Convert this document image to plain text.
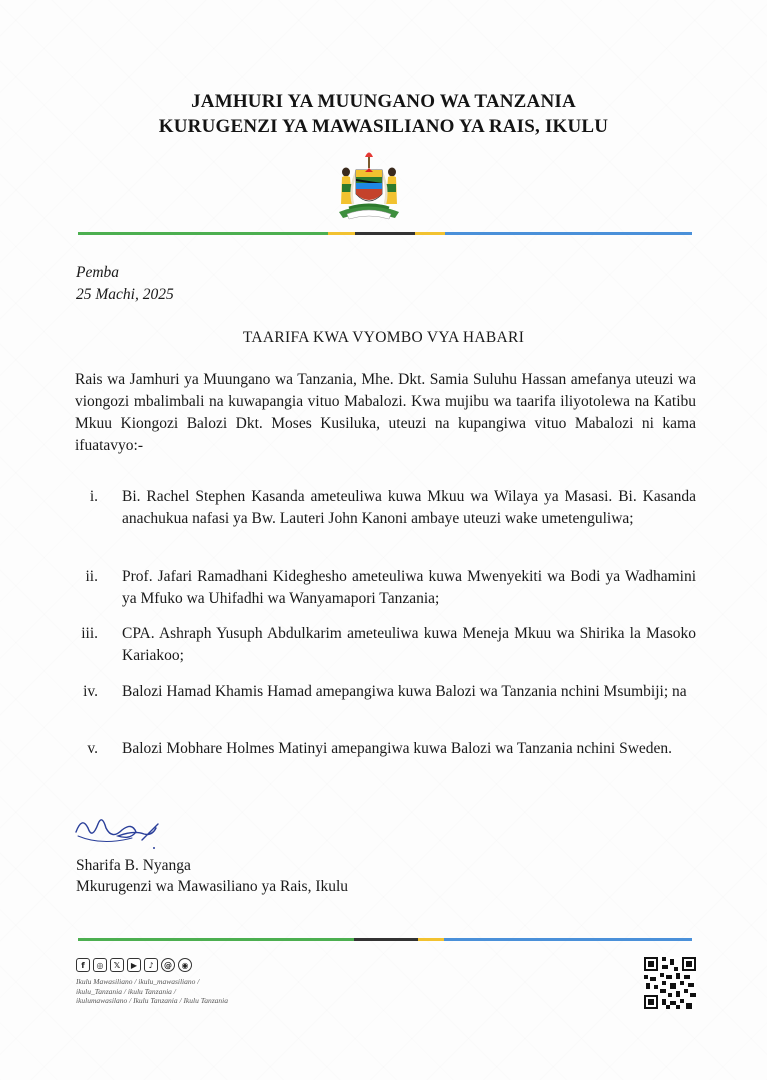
JAMHURI YA MUUNGANO WA TANZANIA
KURUGENZI YA MAWASILIANO YA RAIS, IKULU
Pemba
25 Machi, 2025
TAARIFA KWA VYOMBO VYA HABARI
Rais wa Jamhuri ya Muungano wa Tanzania, Mhe. Dkt. Samia Suluhu Hassan amefanya uteuzi wa viongozi mbalimbali na kuwapangia vituo Mabalozi. Kwa mujibu wa taarifa iliyotolewa na Katibu Mkuu Kiongozi Balozi Dkt. Moses Kusiluka, uteuzi na kupangiwa vituo Mabalozi ni kama ifuatavyo:-
i. Bi. Rachel Stephen Kasanda ameteuliwa kuwa Mkuu wa Wilaya ya Masasi. Bi. Kasanda anachukua nafasi ya Bw. Lauteri John Kanoni ambaye uteuzi wake umetenguliwa;
ii. Prof. Jafari Ramadhani Kideghesho ameteuliwa kuwa Mwenyekiti wa Bodi ya Wadhamini ya Mfuko wa Uhifadhi wa Wanyamapori Tanzania;
iii. CPA. Ashraph Yusuph Abdulkarim ameteuliwa kuwa Meneja Mkuu wa Shirika la Masoko Kariakoo;
iv. Balozi Hamad Khamis Hamad amepangiwa kuwa Balozi wa Tanzania nchini Msumbiji; na
v. Balozi Mobhare Holmes Matinyi amepangiwa kuwa Balozi wa Tanzania nchini Sweden.
Sharifa B. Nyanga
Mkurugenzi wa Mawasiliano ya Rais, Ikulu
f	◎	𝕏	▶	♪	@	◉
Ikulu Mawasiliano / ikulu_mawasiliano /
ikulu_Tanzania / ikulu Tanzania /
ikulumawasilano / Ikulu Tanzania / Ikulu Tanzania
